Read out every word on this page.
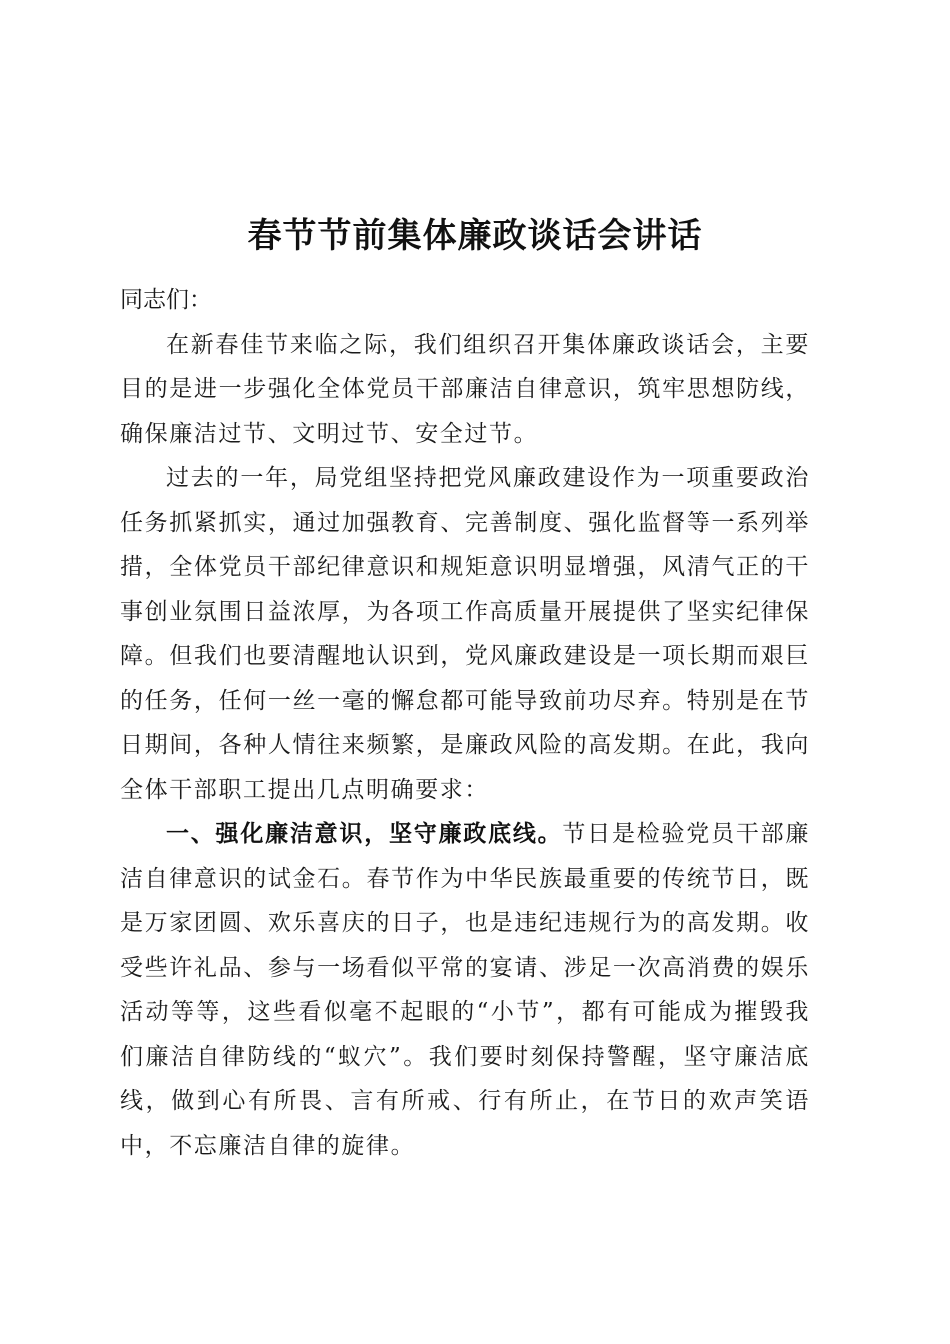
春节节前集体廉政谈话会讲话

同志们：

在新春佳节来临之际，我们组织召开集体廉政谈话会，主要目的是进一步强化全体党员干部廉洁自律意识，筑牢思想防线，确保廉洁过节、文明过节、安全过节。

过去的一年，局党组坚持把党风廉政建设作为一项重要政治任务抓紧抓实，通过加强教育、完善制度、强化监督等一系列举措，全体党员干部纪律意识和规矩意识明显增强，风清气正的干事创业氛围日益浓厚，为各项工作高质量开展提供了坚实纪律保障。但我们也要清醒地认识到，党风廉政建设是一项长期而艰巨的任务，任何一丝一毫的懈怠都可能导致前功尽弃。特别是在节日期间，各种人情往来频繁，是廉政风险的高发期。在此，我向全体干部职工提出几点明确要求：

一、强化廉洁意识，坚守廉政底线。节日是检验党员干部廉洁自律意识的试金石。春节作为中华民族最重要的传统节日，既是万家团圆、欢乐喜庆的日子，也是违纪违规行为的高发期。收受些许礼品、参与一场看似平常的宴请、涉足一次高消费的娱乐活动等等，这些看似毫不起眼的“小节”，都有可能成为摧毁我们廉洁自律防线的“蚁穴”。我们要时刻保持警醒，坚守廉洁底线，做到心有所畏、言有所戒、行有所止，在节日的欢声笑语中，不忘廉洁自律的旋律。
